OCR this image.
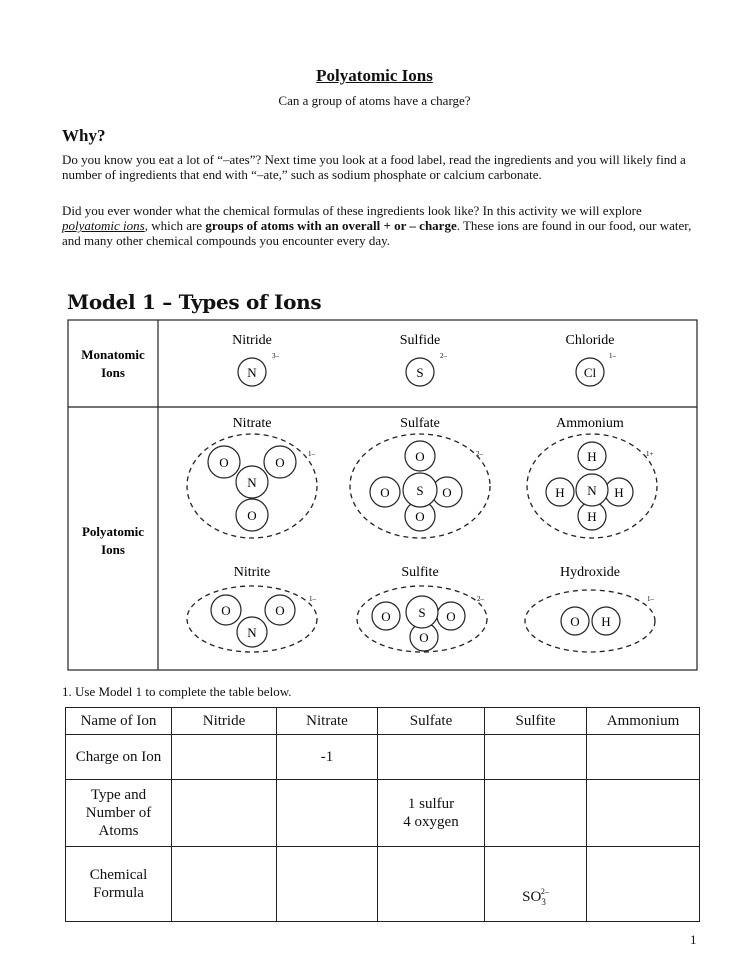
Polyatomic Ions
Can a group of atoms have a charge?
Why?
Do you know you eat a lot of “–ates”? Next time you look at a food label, read the ingredients and you will likely find a number of ingredients that end with “–ate,” such as sodium phosphate or calcium carbonate.
Did you ever wonder what the chemical formulas of these ingredients look like? In this activity we will explore polyatomic ions, which are groups of atoms with an overall + or – charge. These ions are found in our food, our water, and many other chemical compounds you encounter every day.
Model 1 – Types of Ions
Monatomic
Ions
Polyatomic
Ions
Nitride
N
3–
Sulfide
S
2–
Chloride
Cl
1–
Nitrate
O	O
N
O
1–
Sulfate
O
O	O
O
S
2–
Ammonium
H
H	H
H
N
1+
Nitrite
O	O
N
1–
Sulfite
O	O
O
S
2–
Hydroxide
O H
1–
1. Use Model 1 to complete the table below.
Name of Ion	Nitride	Nitrate	Sulfate	Sulfite	Ammonium
Charge on Ion		-1			
Type and
Number of
Atoms			1 sulfur
4 oxygen		
Chemical
Formula				$SO_3^{2-}$	
1
